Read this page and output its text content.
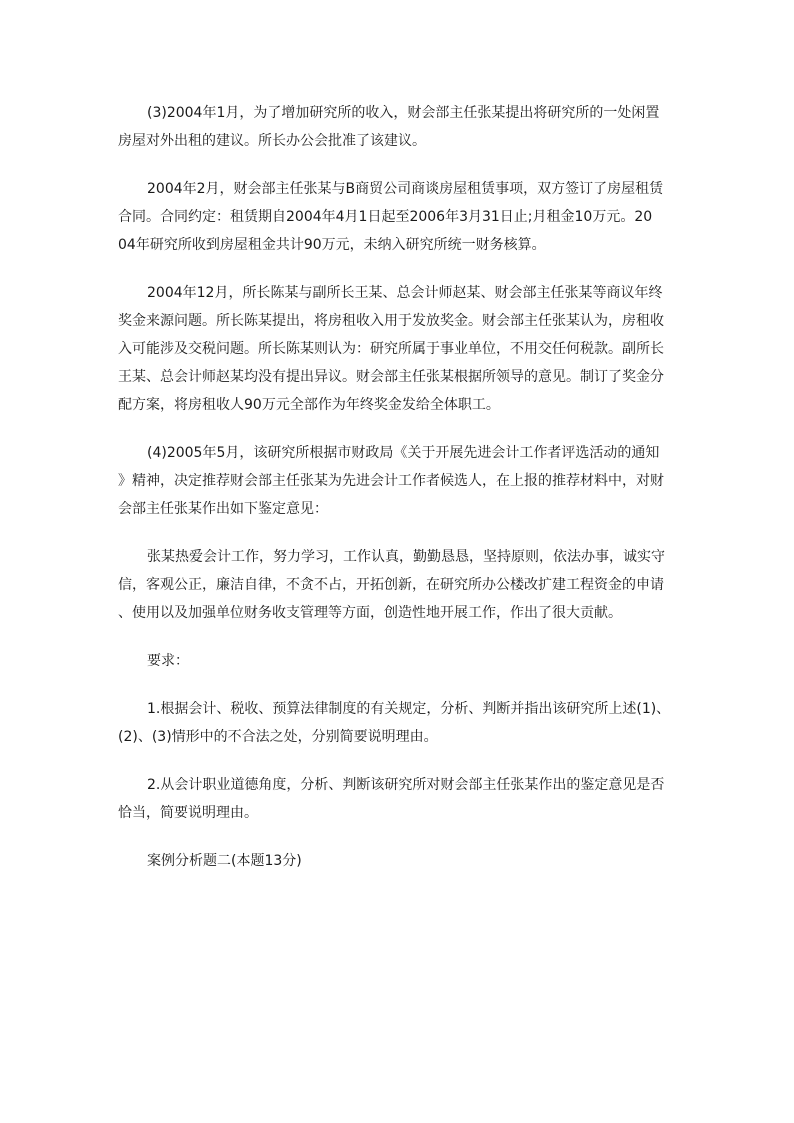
(3)2004年1月，为了增加研究所的收入，财会部主任张某提出将研究所的一处闲置
房屋对外出租的建议。所长办公会批准了该建议。
2004年2月，财会部主任张某与B商贸公司商谈房屋租赁事项，双方签订了房屋租赁
合同。合同约定：租赁期自2004年4月1日起至2006年3月31日止;月租金10万元。20
04年研究所收到房屋租金共计90万元，未纳入研究所统一财务核算。
2004年12月，所长陈某与副所长王某、总会计师赵某、财会部主任张某等商议年终
奖金来源问题。所长陈某提出，将房租收入用于发放奖金。财会部主任张某认为，房租收
入可能涉及交税问题。所长陈某则认为：研究所属于事业单位，不用交任何税款。副所长
王某、总会计师赵某均没有提出异议。财会部主任张某根据所领导的意见。制订了奖金分
配方案，将房租收人90万元全部作为年终奖金发给全体职工。
(4)2005年5月，该研究所根据市财政局《关于开展先进会计工作者评选活动的通知
》精神，决定推荐财会部主任张某为先进会计工作者候选人，在上报的推荐材料中，对财
会部主任张某作出如下鉴定意见：
张某热爱会计工作，努力学习，工作认真，勤勤恳恳，坚持原则，依法办事，诚实守
信，客观公正，廉洁自律，不贪不占，开拓创新，在研究所办公楼改扩建工程资金的申请
、使用以及加强单位财务收支管理等方面，创造性地开展工作，作出了很大贡献。
要求：
1.根据会计、税收、预算法律制度的有关规定，分析、判断并指出该研究所上述(1)、
(2)、(3)情形中的不合法之处，分别简要说明理由。
2.从会计职业道德角度，分析、判断该研究所对财会部主任张某作出的鉴定意见是否
恰当，简要说明理由。
案例分析题二(本题13分)
